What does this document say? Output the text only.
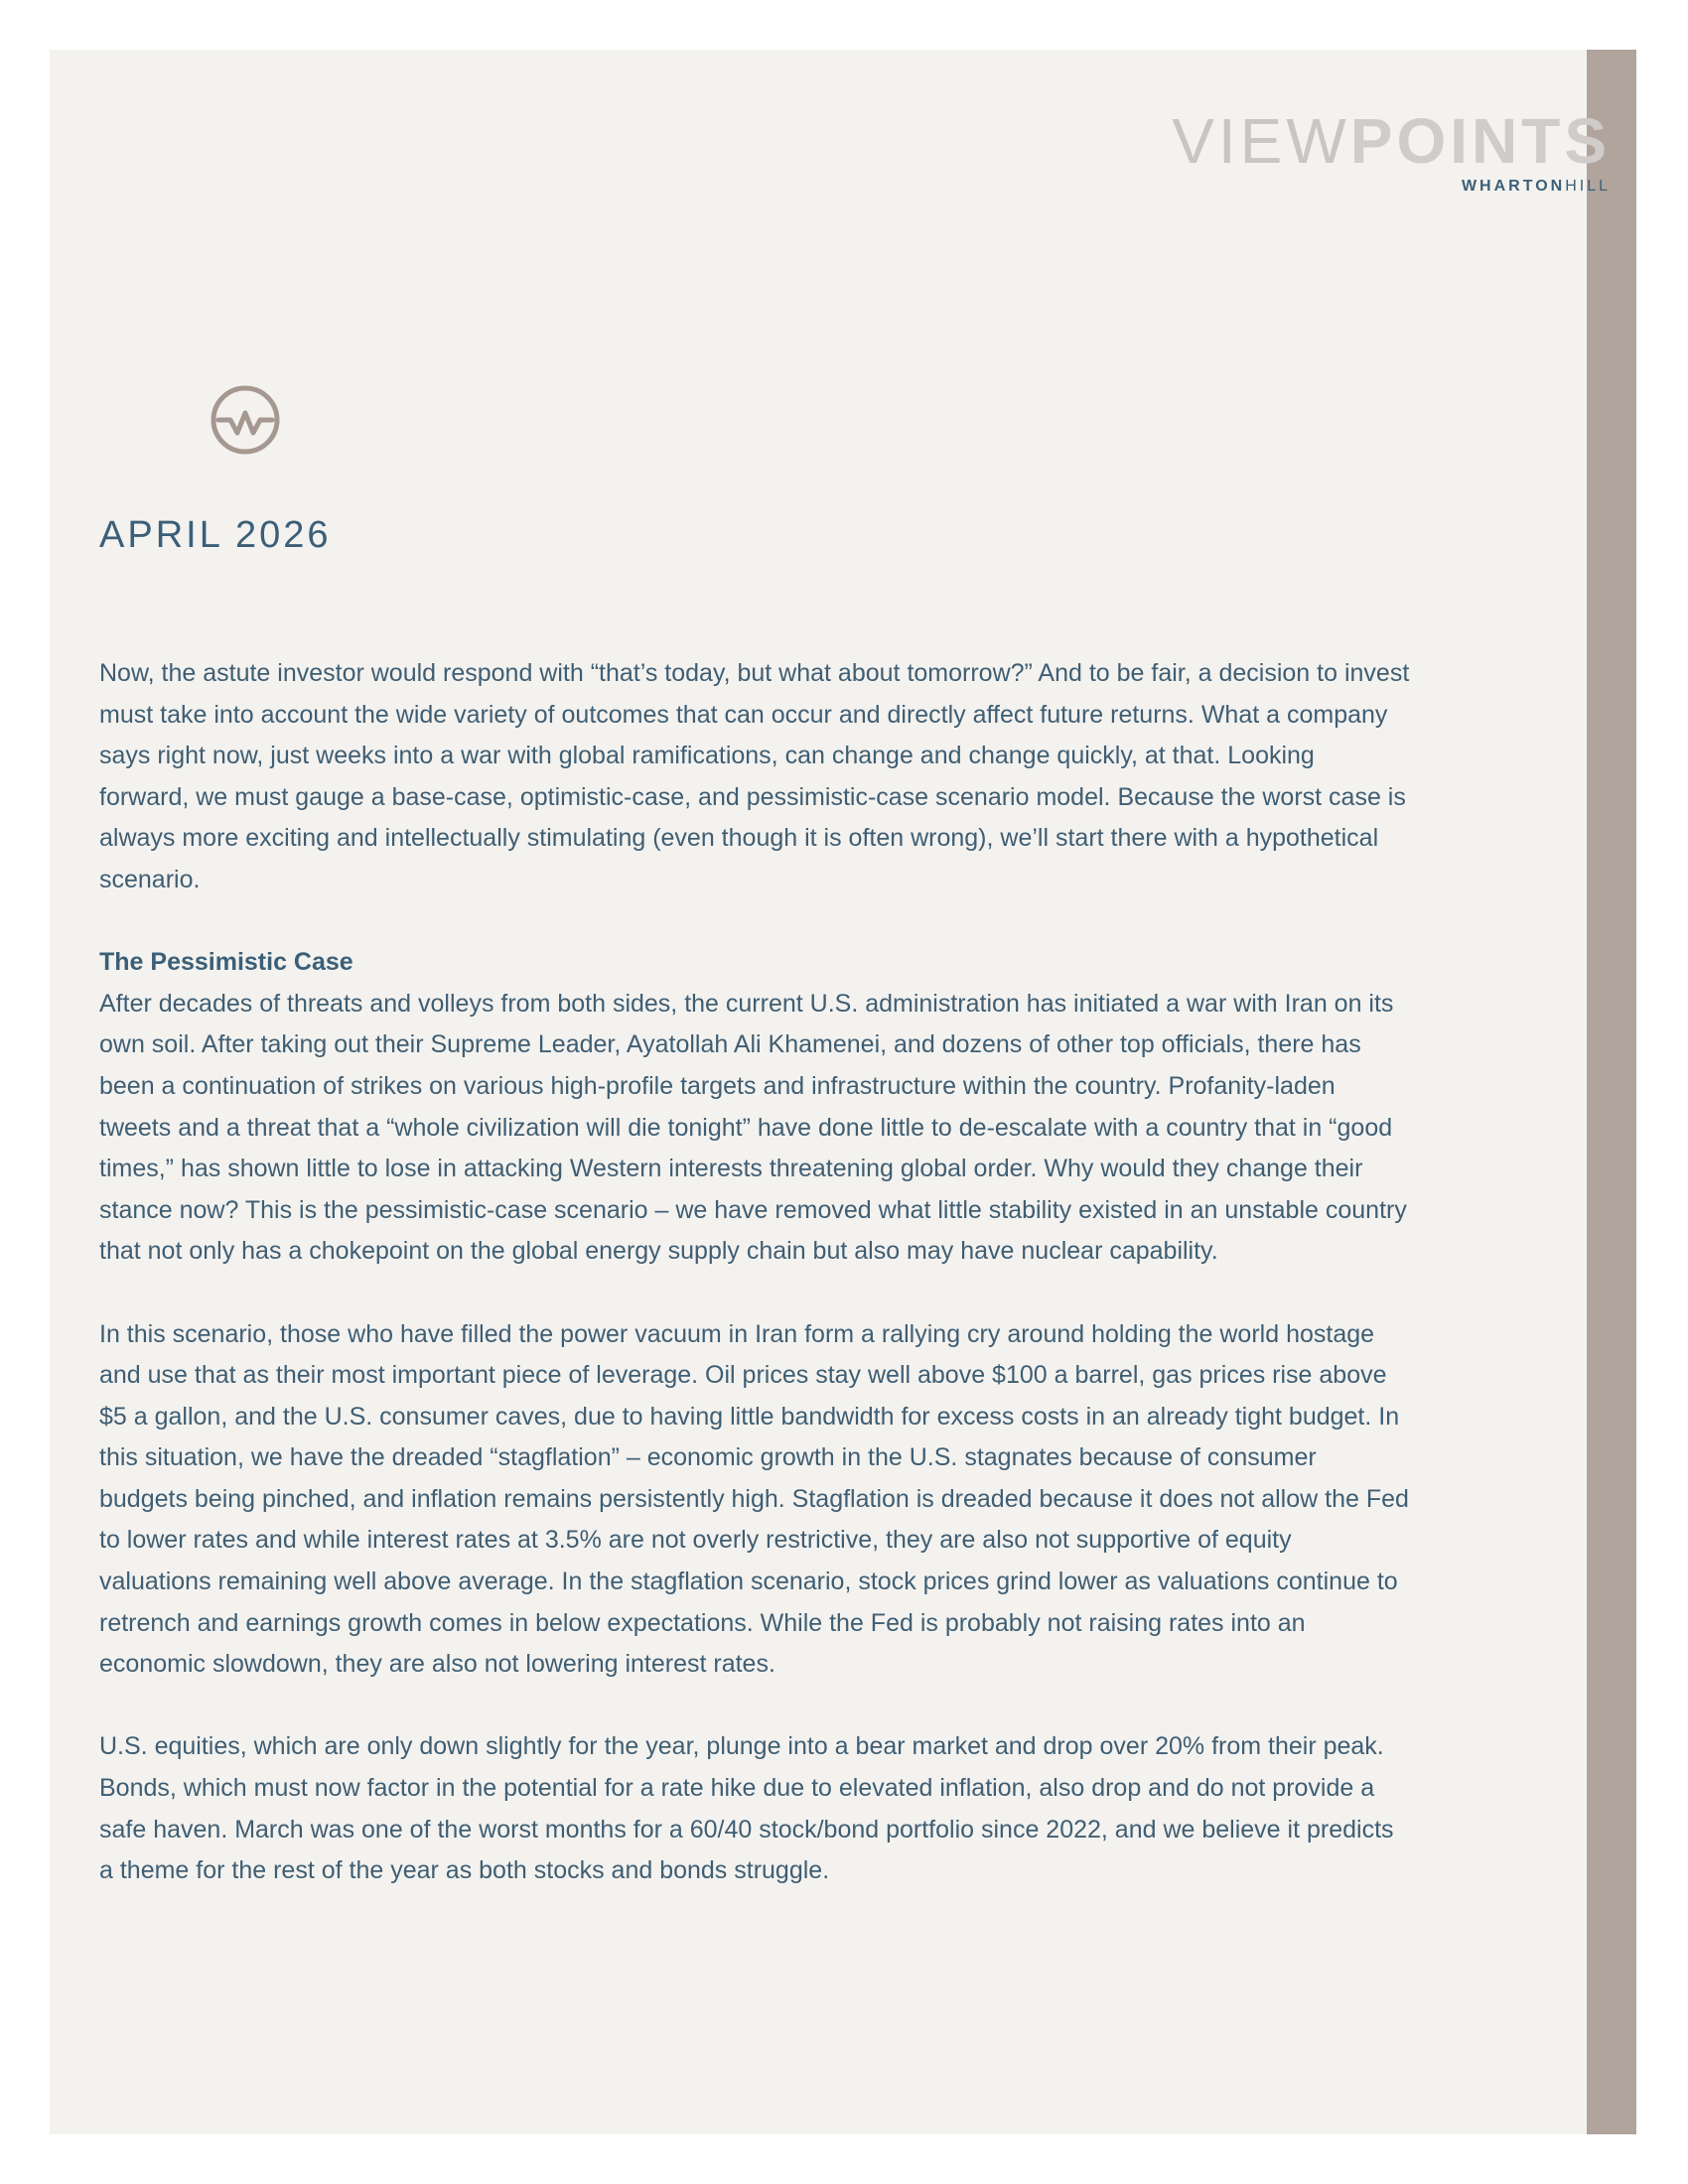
VIEWPOINTS
WHARTONHILL
APRIL 2026

Now, the astute investor would respond with “that’s today, but what about tomorrow?” And to be fair, a decision to invest must take into account the wide variety of outcomes that can occur and directly affect future returns. What a company says right now, just weeks into a war with global ramifications, can change and change quickly, at that. Looking forward, we must gauge a base-case, optimistic-case, and pessimistic-case scenario model. Because the worst case is always more exciting and intellectually stimulating (even though it is often wrong), we’ll start there with a hypothetical scenario.

The Pessimistic Case

After decades of threats and volleys from both sides, the current U.S. administration has initiated a war with Iran on its own soil. After taking out their Supreme Leader, Ayatollah Ali Khamenei, and dozens of other top officials, there has been a continuation of strikes on various high-profile targets and infrastructure within the country. Profanity-laden tweets and a threat that a “whole civilization will die tonight” have done little to de-escalate with a country that in “good times,” has shown little to lose in attacking Western interests threatening global order. Why would they change their stance now? This is the pessimistic-case scenario – we have removed what little stability existed in an unstable country that not only has a chokepoint on the global energy supply chain but also may have nuclear capability.

In this scenario, those who have filled the power vacuum in Iran form a rallying cry around holding the world hostage and use that as their most important piece of leverage. Oil prices stay well above $100 a barrel, gas prices rise above $5 a gallon, and the U.S. consumer caves, due to having little bandwidth for excess costs in an already tight budget. In this situation, we have the dreaded “stagflation” – economic growth in the U.S. stagnates because of consumer budgets being pinched, and inflation remains persistently high. Stagflation is dreaded because it does not allow the Fed to lower rates and while interest rates at 3.5% are not overly restrictive, they are also not supportive of equity valuations remaining well above average. In the stagflation scenario, stock prices grind lower as valuations continue to retrench and earnings growth comes in below expectations. While the Fed is probably not raising rates into an economic slowdown, they are also not lowering interest rates.

U.S. equities, which are only down slightly for the year, plunge into a bear market and drop over 20% from their peak. Bonds, which must now factor in the potential for a rate hike due to elevated inflation, also drop and do not provide a safe haven. March was one of the worst months for a 60/40 stock/bond portfolio since 2022, and we believe it predicts a theme for the rest of the year as both stocks and bonds struggle.
